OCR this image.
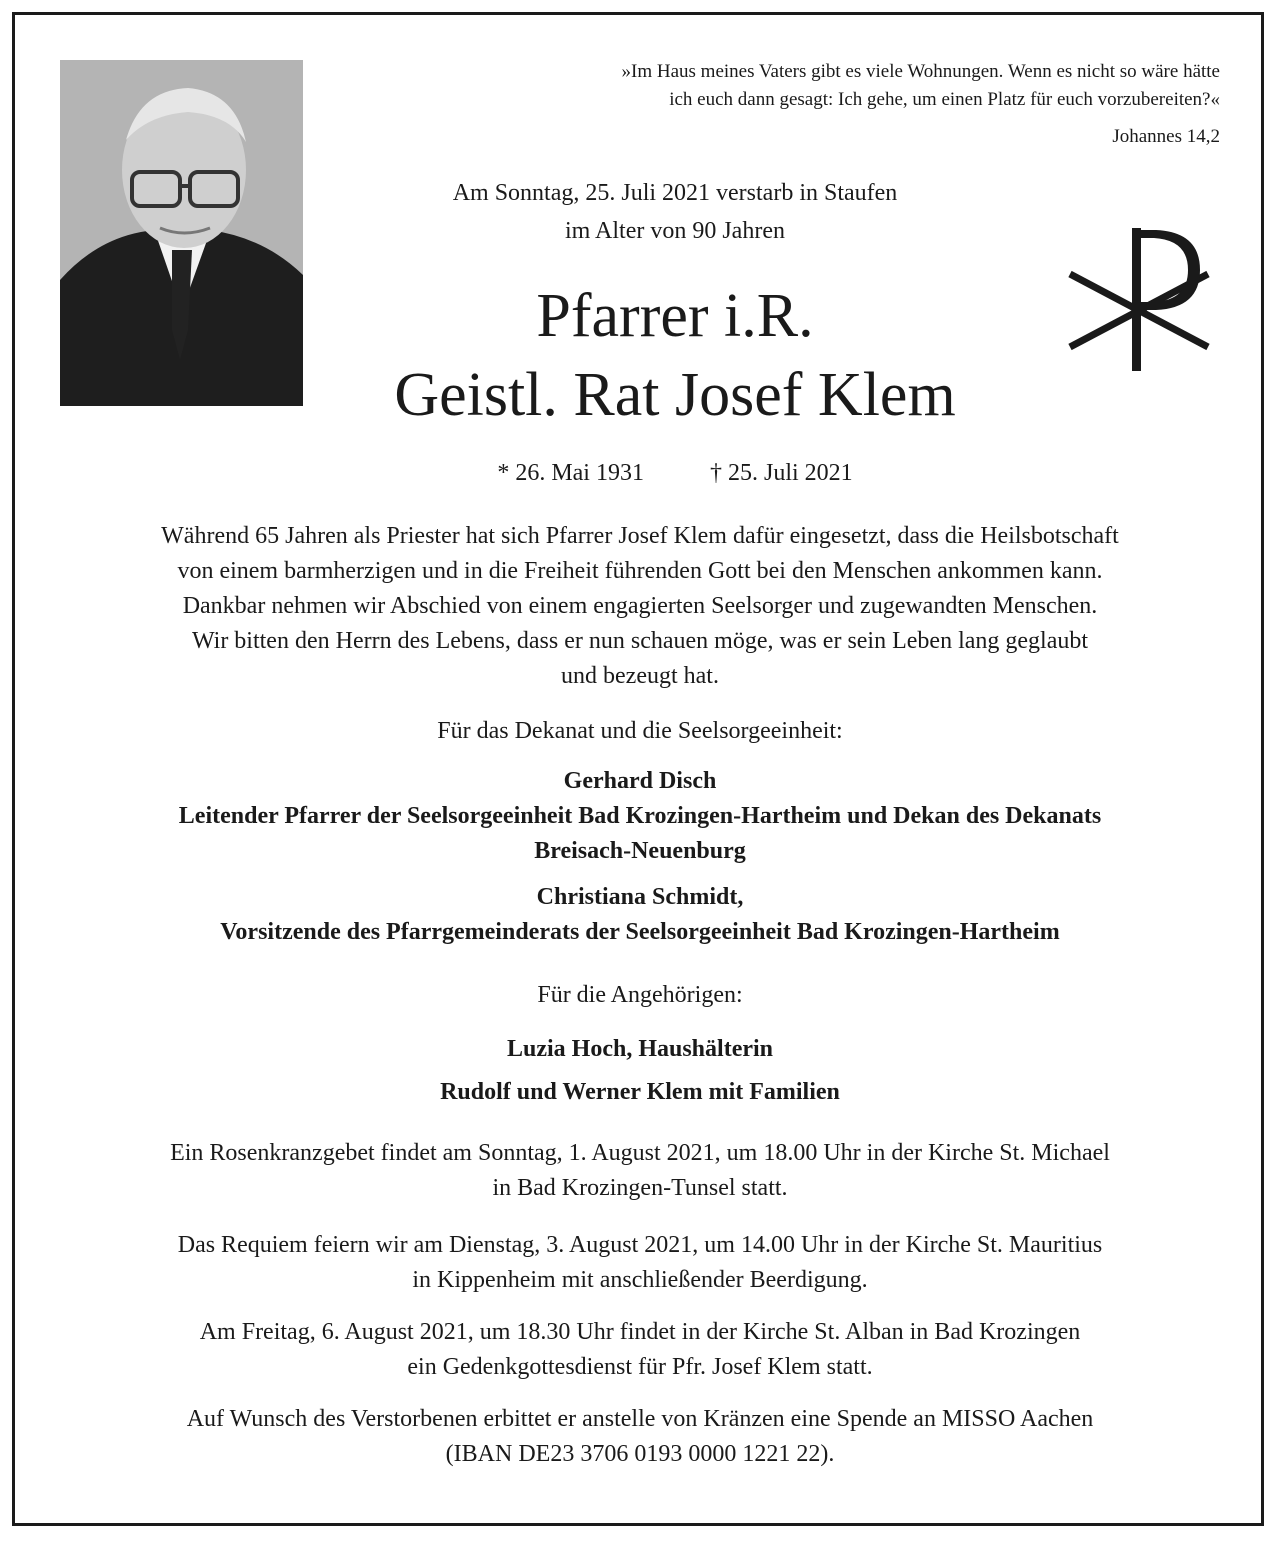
»Im Haus meines Vaters gibt es viele Wohnungen. Wenn es nicht so wäre hätte
ich euch dann gesagt: Ich gehe, um einen Platz für euch vorzubereiten?«
Johannes 14,2
Am Sonntag, 25. Juli 2021 verstarb in Staufen
im Alter von 90 Jahren
Pfarrer i.R.
Geistl. Rat Josef Klem
* 26. Mai 1931	† 25. Juli 2021
Während 65 Jahren als Priester hat sich Pfarrer Josef Klem dafür eingesetzt, dass die Heilsbotschaft
von einem barmherzigen und in die Freiheit führenden Gott bei den Menschen ankommen kann.
Dankbar nehmen wir Abschied von einem engagierten Seelsorger und zugewandten Menschen.
Wir bitten den Herrn des Lebens, dass er nun schauen möge, was er sein Leben lang geglaubt
und bezeugt hat.
Für das Dekanat und die Seelsorgeeinheit:
Gerhard Disch
Leitender Pfarrer der Seelsorgeeinheit Bad Krozingen-Hartheim und Dekan des Dekanats
Breisach-Neuenburg
Christiana Schmidt,
Vorsitzende des Pfarrgemeinderats der Seelsorgeeinheit Bad Krozingen-Hartheim
Für die Angehörigen:
Luzia Hoch, Haushälterin
Rudolf und Werner Klem mit Familien
Ein Rosenkranzgebet findet am Sonntag, 1. August 2021, um 18.00 Uhr in der Kirche St. Michael
in Bad Krozingen-Tunsel statt.
Das Requiem feiern wir am Dienstag, 3. August 2021, um 14.00 Uhr in der Kirche St. Mauritius
in Kippenheim mit anschließender Beerdigung.
Am Freitag, 6. August 2021, um 18.30 Uhr findet in der Kirche St. Alban in Bad Krozingen
ein Gedenkgottesdienst für Pfr. Josef Klem statt.
Auf Wunsch des Verstorbenen erbittet er anstelle von Kränzen eine Spende an MISSO Aachen
(IBAN DE23 3706 0193 0000 1221 22).
